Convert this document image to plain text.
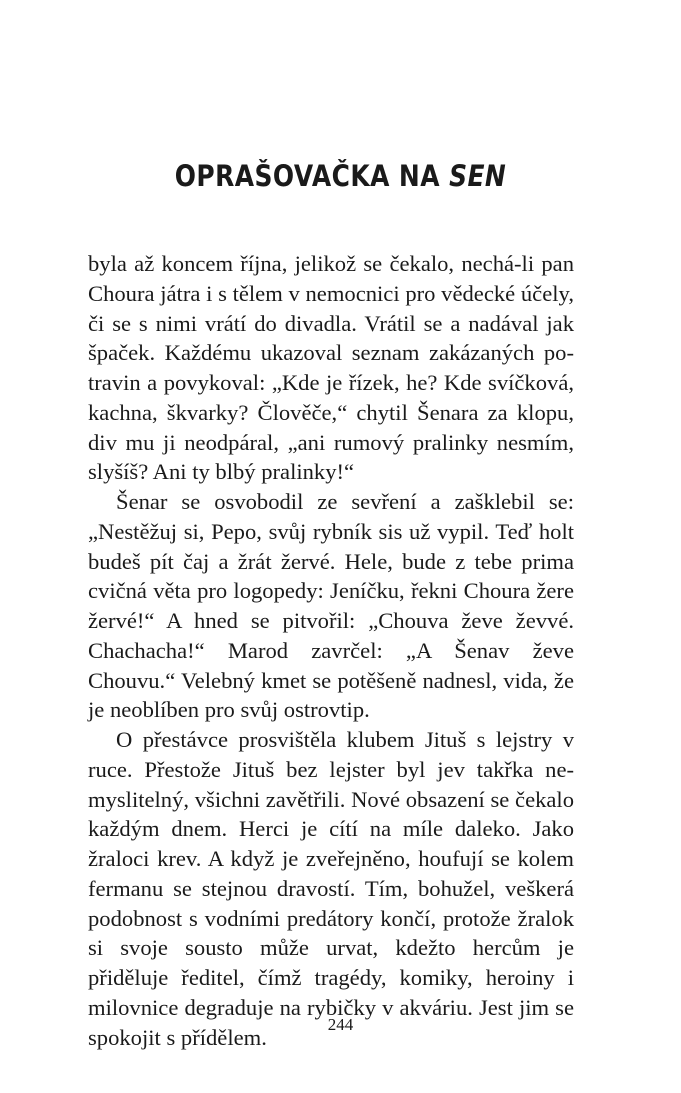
OPRAŠOVAČKA NA SEN

byla až koncem října, jelikož se čekalo, nechá-li pan Choura játra i s tělem v nemocnici pro vědecké účely, či se s nimi vrátí do divadla. Vrátil se a nadával jak špaček. Každému ukazoval seznam zakázaných potravin a povykoval: „Kde je řízek, he? Kde svíčková, kachna, škvarky? Člověče,“ chytil Šenara za klopu, div mu ji neodpáral, „ani rumový pralinky nesmím, slyšíš? Ani ty blbý pralinky!“

Šenar se osvobodil ze sevření a zašklebil se: „Nestěžuj si, Pepo, svůj rybník sis už vypil. Teď holt budeš pít čaj a žrát žervé. Hele, bude z tebe prima cvičná věta pro logopedy: Jeníčku, řekni Choura žere žervé!“ A hned se pitvořil: „Chouva ževe ževvé. Chachacha!“ Marod zavrčel: „A Šenav ževe Chouvu.“ Velebný kmet se potěšeně nadnesl, vida, že je neoblíben pro svůj ostrovtip.

O přestávce prosvištěla klubem Jituš s lejstry v ruce. Přestože Jituš bez lejster byl jev takřka nemyslitelný, všichni zavětřili. Nové obsazení se čekalo každým dnem. Herci je cítí na míle daleko. Jako žraloci krev. A když je zveřejněno, houfují se kolem fermanu se stejnou dravostí. Tím, bohužel, veškerá podobnost s vodními predátory končí, protože žralok si svoje sousto může urvat, kdežto hercům je přiděluje ředitel, čímž tragédy, komiky, heroiny i milovnice degraduje na rybičky v akváriu. Jest jim se spokojit s přídělem.	244
